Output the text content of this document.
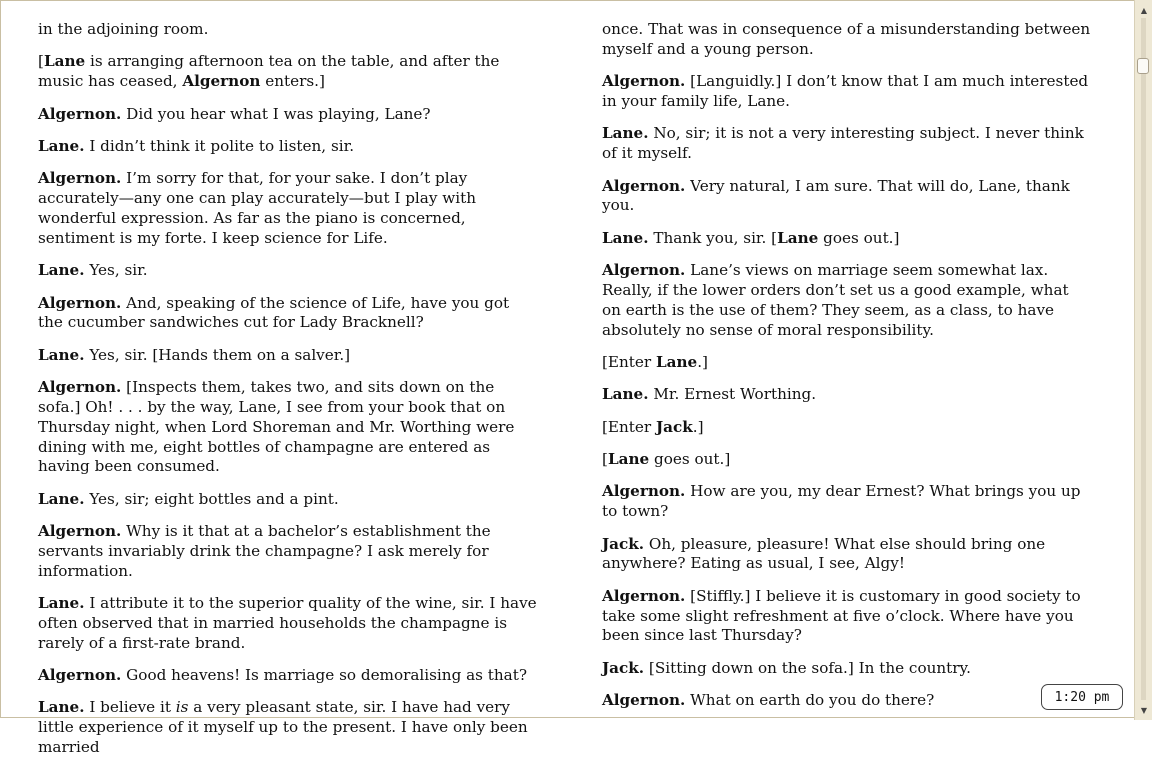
in the adjoining room.

[Lane is arranging afternoon tea on the table, and after the music has ceased, Algernon enters.]

Algernon. Did you hear what I was playing, Lane?

Lane. I didn’t think it polite to listen, sir.

Algernon. I’m sorry for that, for your sake. I don’t play accurately—any one can play accurately—but I play with wonderful expression. As far as the piano is concerned, sentiment is my forte. I keep science for Life.

Lane. Yes, sir.

Algernon. And, speaking of the science of Life, have you got the cucumber sandwiches cut for Lady Bracknell?

Lane. Yes, sir. [Hands them on a salver.]

Algernon. [Inspects them, takes two, and sits down on the sofa.] Oh! . . . by the way, Lane, I see from your book that on Thursday night, when Lord Shoreman and Mr. Worthing were dining with me, eight bottles of champagne are entered as having been consumed.

Lane. Yes, sir; eight bottles and a pint.

Algernon. Why is it that at a bachelor’s establishment the servants invariably drink the champagne? I ask merely for information.

Lane. I attribute it to the superior quality of the wine, sir. I have often observed that in married households the champagne is rarely of a first-rate brand.

Algernon. Good heavens! Is marriage so demoralising as that?

Lane. I believe it is a very pleasant state, sir. I have had very little experience of it myself up to the present. I have only been married

once. That was in consequence of a misunderstanding between myself and a young person.

Algernon. [Languidly.] I don’t know that I am much interested in your family life, Lane.

Lane. No, sir; it is not a very interesting subject. I never think of it myself.

Algernon. Very natural, I am sure. That will do, Lane, thank you.

Lane. Thank you, sir. [Lane goes out.]

Algernon. Lane’s views on marriage seem somewhat lax. Really, if the lower orders don’t set us a good example, what on earth is the use of them? They seem, as a class, to have absolutely no sense of moral responsibility.

[Enter Lane.]

Lane. Mr. Ernest Worthing.

[Enter Jack.]

[Lane goes out.]

Algernon. How are you, my dear Ernest? What brings you up to town?

Jack. Oh, pleasure, pleasure! What else should bring one anywhere? Eating as usual, I see, Algy!

Algernon. [Stiffly.] I believe it is customary in good society to take some slight refreshment at five o’clock. Where have you been since last Thursday?

Jack. [Sitting down on the sofa.] In the country.

Algernon. What on earth do you do there?

▲
▼
1:20 pm
